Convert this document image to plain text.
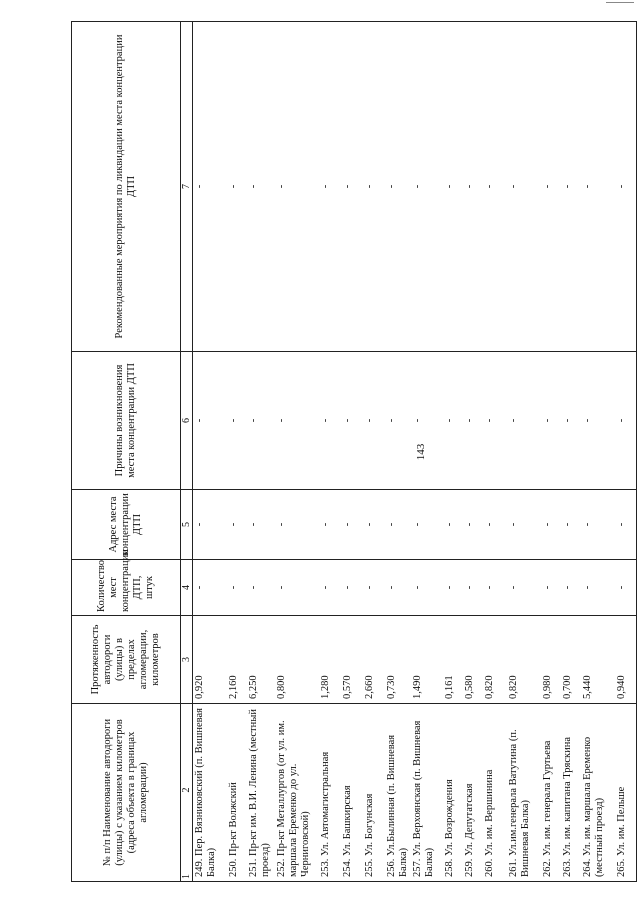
143
№ п/п Наименование автодороги (улицы) с указанием километров (адреса объекта в границах агломерации)	Протяженность автодороги (улицы) в пределах агломерации, километров	Количество мест концентрации ДТП, штук	Адрес места концентрации ДТП	Причины возникновения места концентрации ДТП	Рекомендованные мероприятия по ликвидации места концентрации ДТП

1
2	3	4	5	6	7
249. Пер. Вязниковский (п. Вишневая Балка)	0,920	-	-	-	-
250. Пр-кт Волжский	2,160	-	-	-	-
251. Пр-кт им. В.И. Ленина (местный проезд)	6,250	-	-	-	-
252. Пр-кт Металлургов (от ул. им. маршала Еременко до ул. Черниговской)	0,800	-	-	-	-
253. Ул. Автомагистральная	1,280	-	-	-	-
254. Ул. Башкирская	0,570	-	-	-	-
255. Ул. Богунская	2,660	-	-	-	-
256. Ул.Былинная (п. Вишневая Балка)	0,730	-	-	-	-
257. Ул. Верхоянская (п. Вишневая Балка)	1,490	-	-	-	-
258. Ул. Возрождения	0,161	-	-	-	-
259. Ул. Депутатская	0,580	-	-	-	-
260. Ул. им. Вершинина	0,820	-	-	-	-
261. Ул.им.генерала Ватутина (п. Вишневая Балка)	0,820	-	-	-	-
262. Ул. им. генерала Гуртьева	0,980	-	-	-	-
263. Ул. им. капитана Тряскина	0,700	-	-	-	-
264. Ул. им. маршала Еременко (местный проезд)	5,440	-	-	-	-
265. Ул. им. Пельше	0,940	-	-	-	-
